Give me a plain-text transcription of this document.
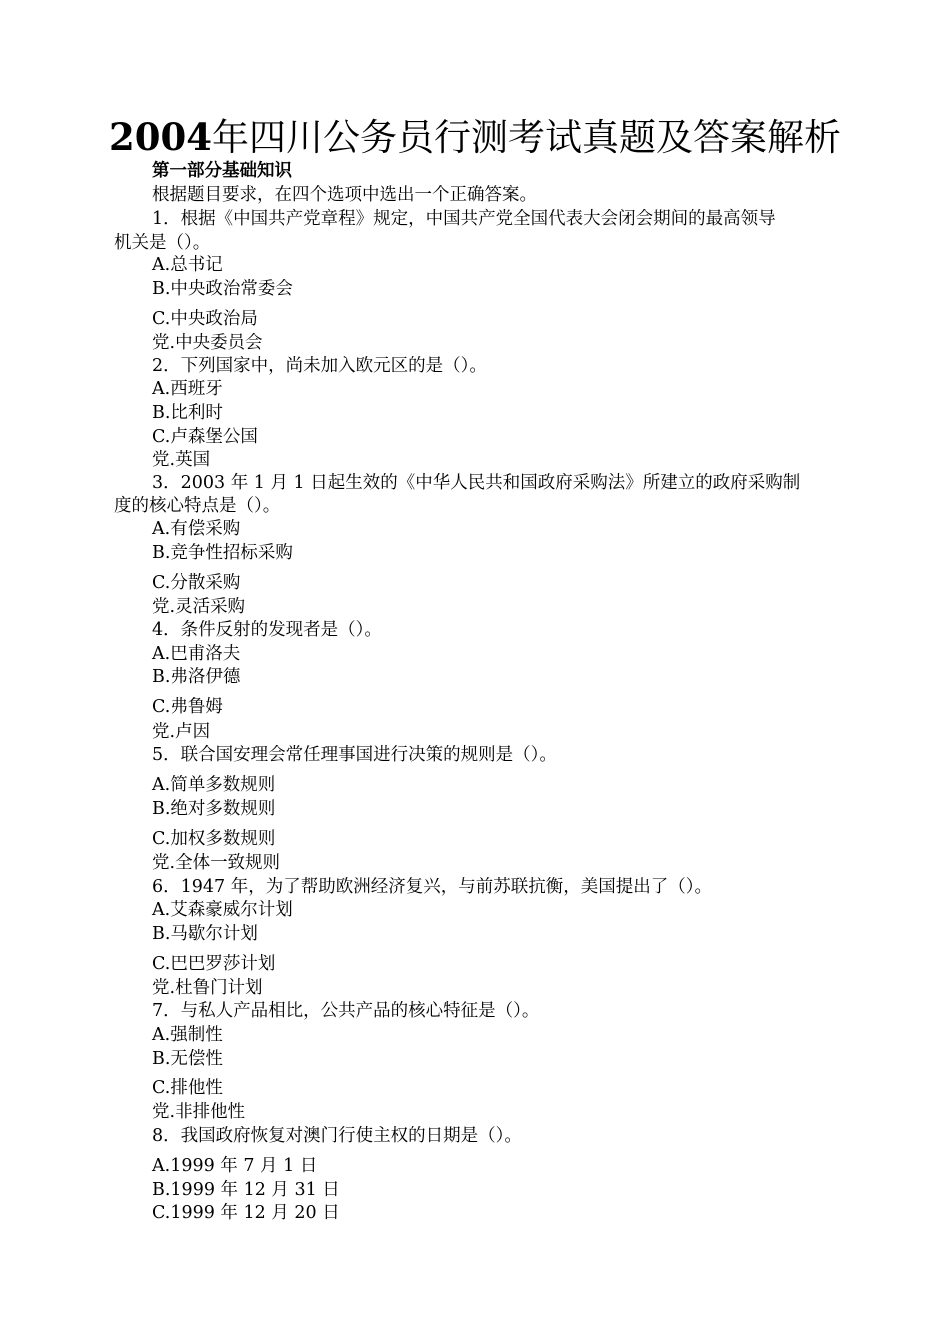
2004年四川公务员行测考试真题及答案解析
第一部分基础知识
根据题目要求，在四个选项中选出一个正确答案。
1．根据《中国共产党章程》规定，中国共产党全国代表大会闭会期间的最高领导
机关是（）。
A.总书记
B.中央政治常委会
C.中央政治局
党.中央委员会
2．下列国家中，尚未加入欧元区的是（）。
A.西班牙
B.比利时
C.卢森堡公国
党.英国
3．2003 年 1 月 1 日起生效的《中华人民共和国政府采购法》所建立的政府采购制
度的核心特点是（）。
A.有偿采购
B.竞争性招标采购
C.分散采购
党.灵活采购
4．条件反射的发现者是（）。
A.巴甫洛夫
B.弗洛伊德
C.弗鲁姆
党.卢因
5．联合国安理会常任理事国进行决策的规则是（）。
A.简单多数规则
B.绝对多数规则
C.加权多数规则
党.全体一致规则
6．1947 年，为了帮助欧洲经济复兴，与前苏联抗衡，美国提出了（）。
A.艾森豪威尔计划
B.马歇尔计划
C.巴巴罗莎计划
党.杜鲁门计划
7．与私人产品相比，公共产品的核心特征是（）。
A.强制性
B.无偿性
C.排他性
党.非排他性
8．我国政府恢复对澳门行使主权的日期是（）。
A.1999 年 7 月 1 日
B.1999 年 12 月 31 日
C.1999 年 12 月 20 日
